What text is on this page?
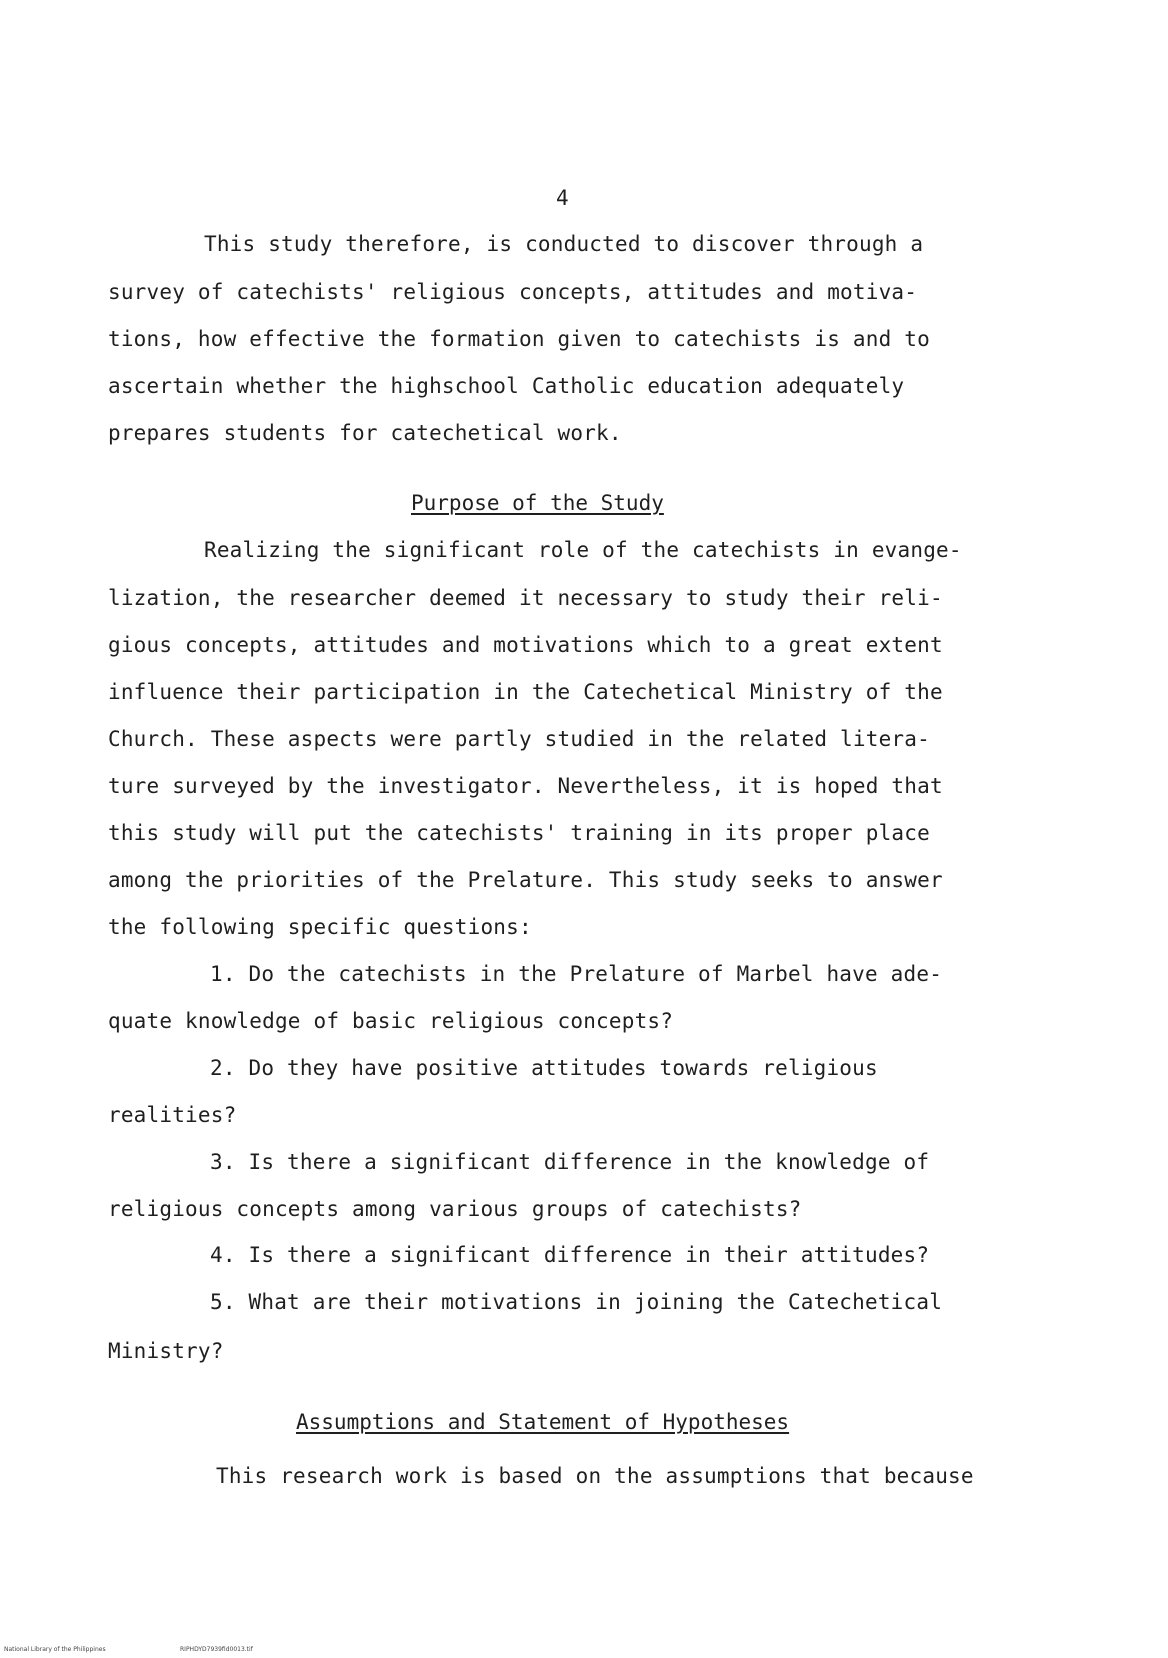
4
This study therefore, is conducted to discover through a
survey of catechists' religious concepts, attitudes and motiva-
tions, how effective the formation given to catechists is and to
ascertain whether the highschool Catholic education adequately
prepares students for catechetical work.
Purpose of the Study
Realizing the significant role of the catechists in evange-
lization, the researcher deemed it necessary to study their reli-
gious concepts, attitudes and motivations which to a great extent
influence their participation in the Catechetical Ministry of the
Church. These aspects were partly studied in the related litera-
ture surveyed by the investigator. Nevertheless, it is hoped that
this study will put the catechists' training in its proper place
among the priorities of the Prelature. This study seeks to answer
the following specific questions:
1. Do the catechists in the Prelature of Marbel have ade-
quate knowledge of basic religious concepts?
2. Do they have positive attitudes towards religious
realities?
3. Is there a significant difference in the knowledge of
religious concepts among various groups of catechists?
4. Is there a significant difference in their attitudes?
5. What are their motivations in joining the Catechetical
Ministry?
Assumptions and Statement of Hypotheses
This research work is based on the assumptions that because
National Library of the Philippines	RIPHDYD7939fid0013.tif
